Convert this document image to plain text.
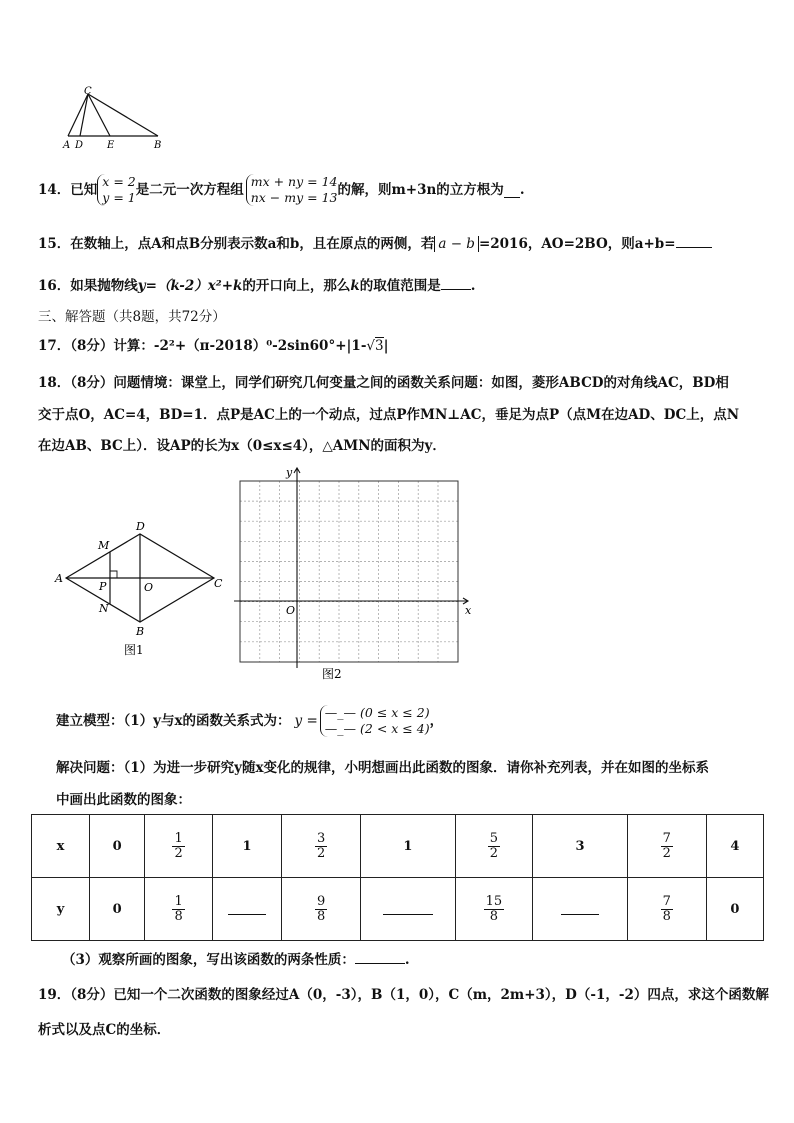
C
A D E	B
14．已知
x = 2
y = 1 是二元一次方程组
mx + ny = 14
nx − my = 13 的解，则m+3n的立方根为 .
15．在数轴上，点A和点B分别表示数a和b，且在原点的两侧，若 a − b =2016，AO=2BO，则a+b=
16．如果抛物线y=（k-2）x²+k的开口向上，那么k的取值范围是 .
三、解答题（共8题，共72分）
17．（8分）计算：-2²+（π-2018）⁰-2sin60°+|1-√3|
18．（8分）问题情境：课堂上，同学们研究几何变量之间的函数关系问题：如图，菱形ABCD的对角线AC，BD相
交于点O，AC=4，BD=1．点P是AC上的一个动点，过点P作MN⊥AC，垂足为点P（点M在边AD、DC上，点N
在边AB、BC上）．设AP的长为x（0≤x≤4），△AMN的面积为y．
D
M
A
P	O	C
N
B
图1
y
x
O
图2
建立模型：（1）y与x的函数关系式为： y =
—_— (0 ≤ x ≤ 2)
—_— (2 < x ≤ 4) ，
解决问题：（1）为进一步研究y随x变化的规律，小明想画出此函数的图象．请你补充列表，并在如图的坐标系
中画出此函数的图象：
x	0	$\frac{1}{2}$	1	$\frac{3}{2}$	1	$\frac{5}{2}$	3	$\frac{7}{2}$	4
y	0	$\frac{1}{8}$		$\frac{9}{8}$		$\frac{15}{8}$		$\frac{7}{8}$	0
（3）观察所画的图象，写出该函数的两条性质：	.
19．（8分）已知一个二次函数的图象经过A（0，-3），B（1，0），C（m，2m+3），D（-1，-2）四点，求这个函数解
析式以及点C的坐标．
